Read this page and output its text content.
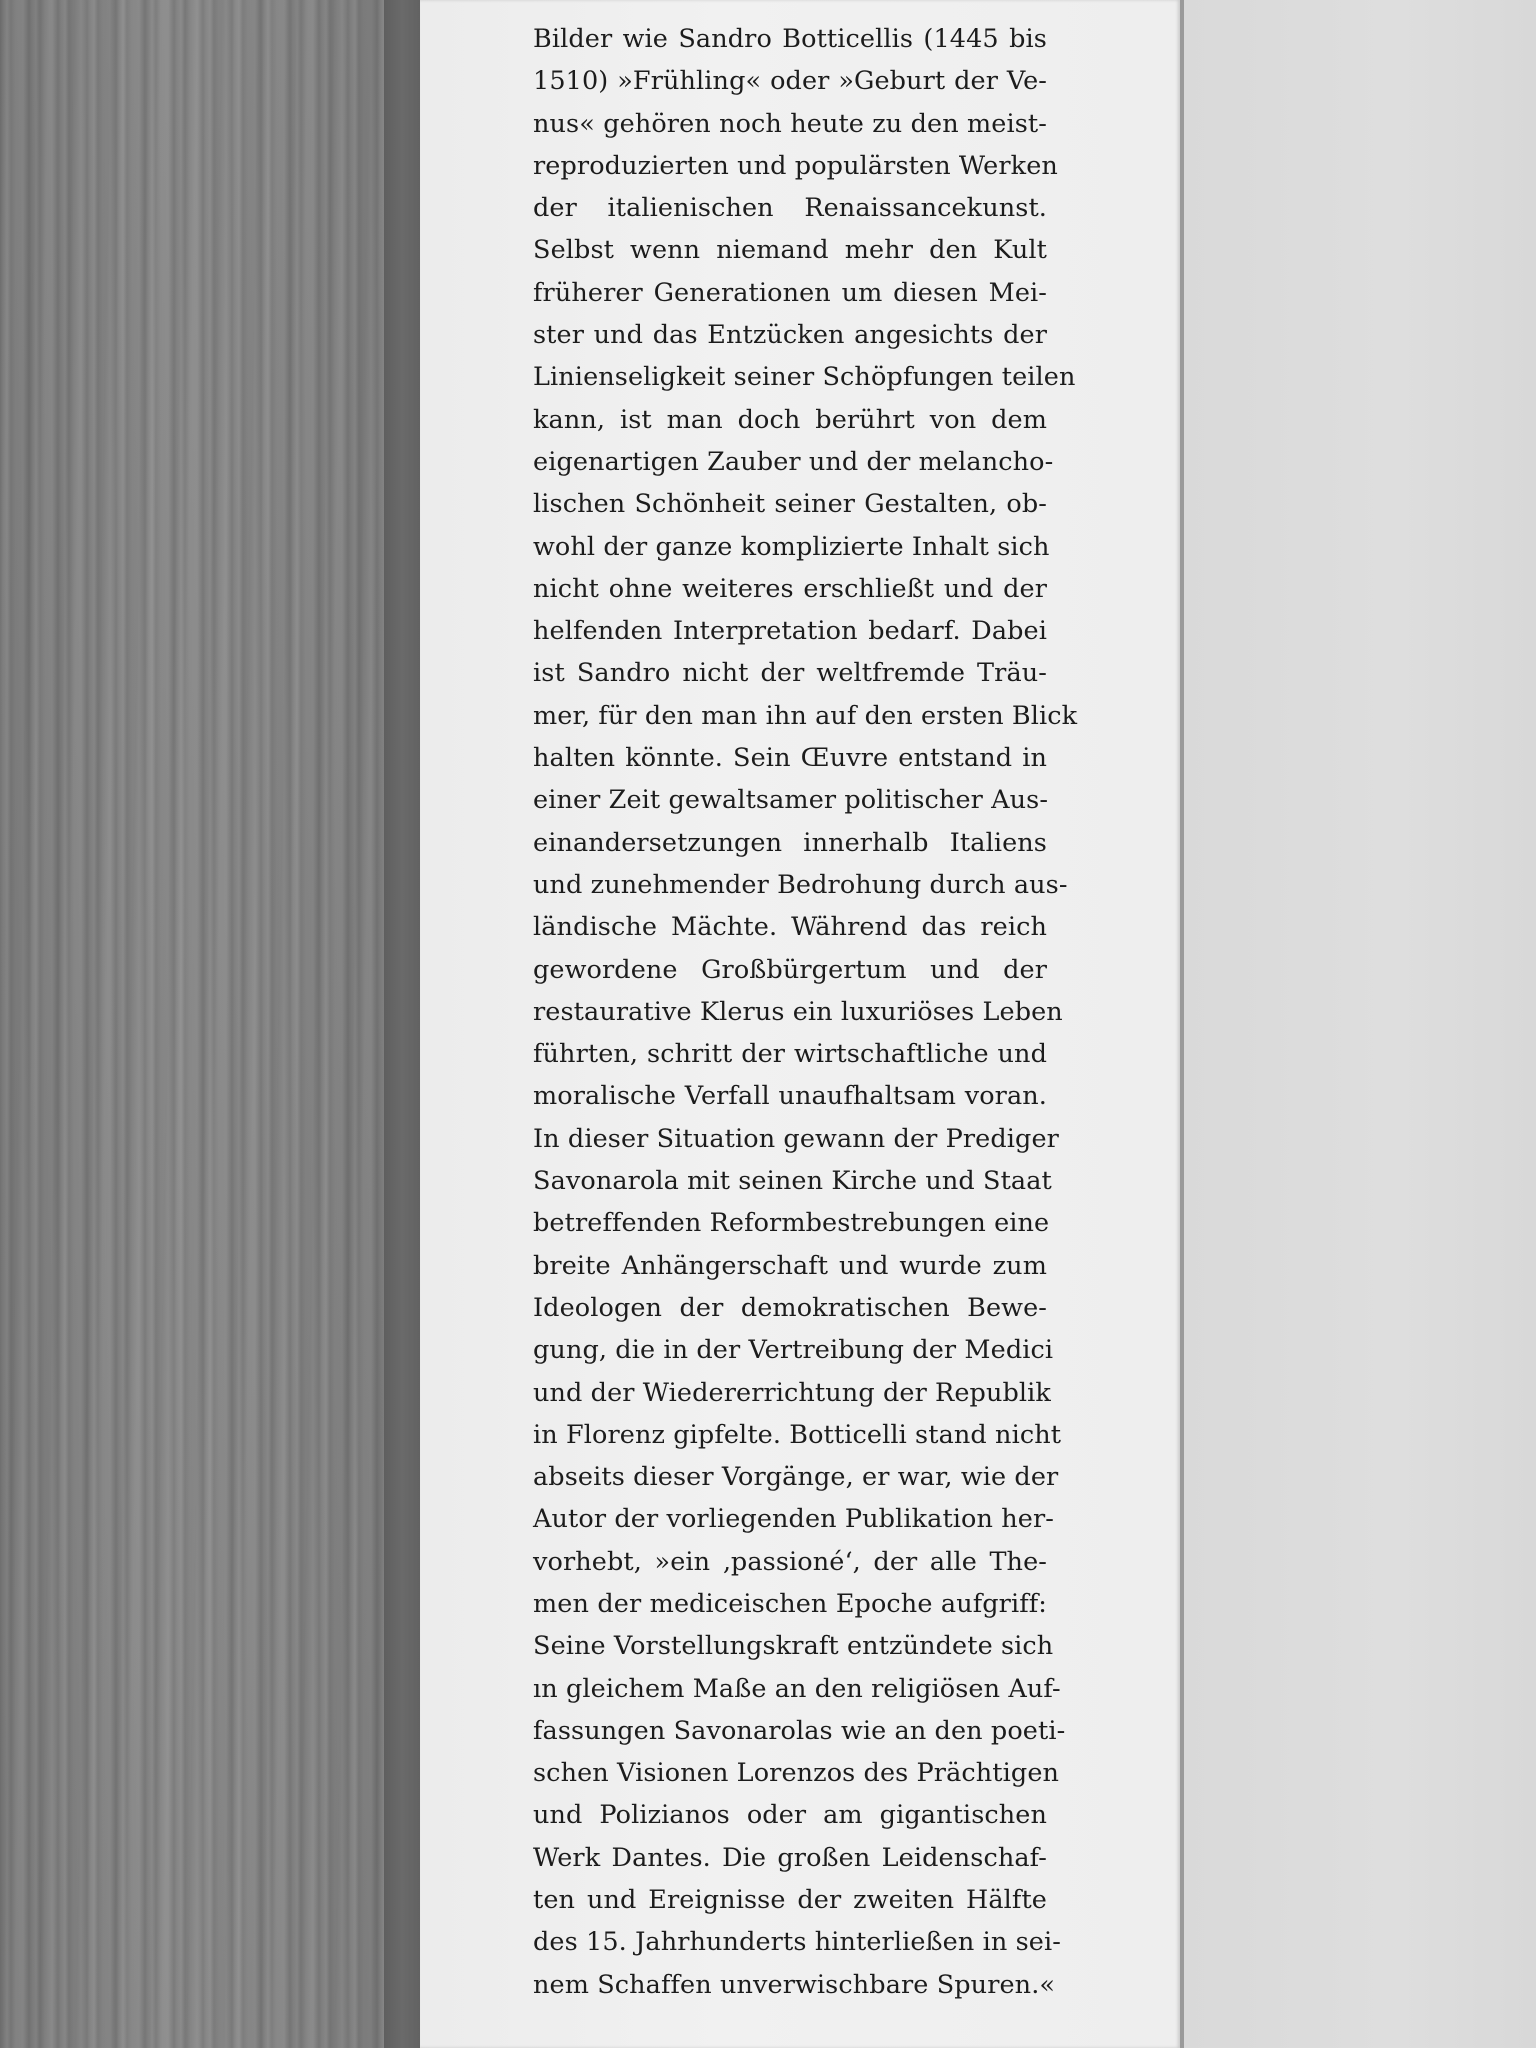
Bilder wie Sandro Botticellis (1445 bis
1510) »Frühling« oder »Geburt der Ve-
nus« gehören noch heute zu den meist-
reproduzierten und populärsten Werken
der italienischen Renaissancekunst.
Selbst wenn niemand mehr den Kult
früherer Generationen um diesen Mei-
ster und das Entzücken angesichts der
Linienseligkeit seiner Schöpfungen teilen
kann, ist man doch berührt von dem
eigenartigen Zauber und der melancho-
lischen Schönheit seiner Gestalten, ob-
wohl der ganze komplizierte Inhalt sich
nicht ohne weiteres erschließt und der
helfenden Interpretation bedarf. Dabei
ist Sandro nicht der weltfremde Träu-
mer, für den man ihn auf den ersten Blick
halten könnte. Sein Œuvre entstand in
einer Zeit gewaltsamer politischer Aus-
einandersetzungen innerhalb Italiens
und zunehmender Bedrohung durch aus-
ländische Mächte. Während das reich
gewordene Großbürgertum und der
restaurative Klerus ein luxuriöses Leben
führten, schritt der wirtschaftliche und
moralische Verfall unaufhaltsam voran.
In dieser Situation gewann der Prediger
Savonarola mit seinen Kirche und Staat
betreffenden Reformbestrebungen eine
breite Anhängerschaft und wurde zum
Ideologen der demokratischen Bewe-
gung, die in der Vertreibung der Medici
und der Wiedererrichtung der Republik
in Florenz gipfelte. Botticelli stand nicht
abseits dieser Vorgänge, er war, wie der
Autor der vorliegenden Publikation her-
vorhebt, »ein ‚passioné‘, der alle The-
men der mediceischen Epoche aufgriff:
Seine Vorstellungskraft entzündete sich
ın gleichem Maße an den religiösen Auf-
fassungen Savonarolas wie an den poeti-
schen Visionen Lorenzos des Prächtigen
und Polizianos oder am gigantischen
Werk Dantes. Die großen Leidenschaf-
ten und Ereignisse der zweiten Hälfte
des 15. Jahrhunderts hinterließen in sei-
nem Schaffen unverwischbare Spuren.«
